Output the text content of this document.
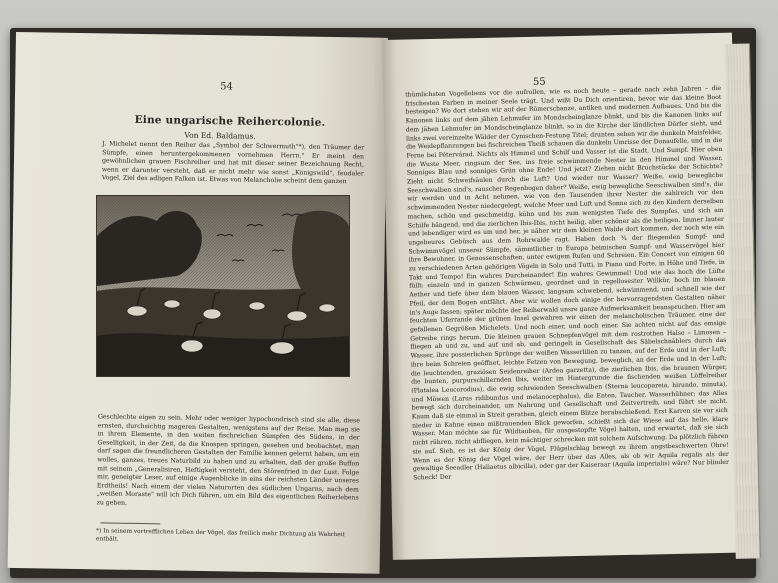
54
Eine ungarische Reihercolonie.
Von Ed. Baldamus.
J. Michelet nennt den Reiher das „Symbol der Schwermuth"*), den Träumer der Sümpfe, einen heruntergekommenen vornehmen Herrn." Er meint den gewöhnlichen grauen Fischreiher und hat mit dieser seiner Bezeichnung Recht, wenn er darunter versteht, daß er nicht mehr wie sonst „Königswild", feudaler Vogel, Ziel des adligen Falken ist. Etwas von Melancholie scheint dem ganzen
Geschlechte eigen zu sein. Mehr oder weniger hypochondrisch sind sie alle, diese ernsten, durchsichtig mageren Gestalten, wenigstens auf der Reise. Man mag sie in ihrem Elemente, in den weiten fischreichen Sümpfen des Südens, in der Geselligkeit, in der Zeit, da die Knospen springen, gesehen und beobachtet, man darf sagen die freundlicheren Gestalten der Familie kennen gelernt haben, um ein wolles, ganzes, treues Naturbild zu haben und zu erhalten, daß der große Buffon mit seinem „Generalisiren, Heftigkeit versteht, den Störenfried in der Lust. Folge mir, geneigter Leser, auf einige Augenblicke in eins der reichsten Länder unseres Erdtheils! Nach einem der vielen Naturorten des südlichen Ungarns, nach dem „weißen Moraste" will ich Dich führen, um ein Bild des eigentlichen Reiherlebens zu geben.
*) In seinem vortrefflichen Leben der Vögel, das freilich mehr Dichtung als Wahrheit enthält.
55
thümlichsten Vogellebens vor die aufrollen, wie es noch heute – gerade nach zehn Jahren – die frischesten Farben in meiner Seele trägt. Und wißt Du Dich orientiren, bevor wir das kleine Boot besteigen? Wo dort stehen wir auf der Römerschanze, antiken und modernen Aufbaues. Und bis die Kanonen links auf dem jähen Lehmufer im Mondscheinglanze blinkt, und bis die Kanonen links auf dem jähen Lehmufer im Mondscheinglanze blinkt, so in die Kirche der ländlichen Dörfer sieht, und links zwei vereinzelte Wälder der Cynischen-Festung Titel; drunten sehen wir die dunkeln Maisfelder, die Weidepflanzungen bei fischreichen Theiß schauen die dunkeln Umrisse der Donaufelle, und in die Ferne bei Pétervárad. Nichts als Himmel und Schilf und Vasser ist die Stadt, Und Sumpf. Hier oben die Wuste Meer, ringsum der See, ins freie schwimmende Nester in den Himmel und Wasser. Sonniges Blau und sonniges Grün ohne Ende! Und jetzt? Ziehen nicht Bruchstücke der Schichte? Zieht nicht Schweifsäulen durch die Luft? Und wieder nur Wasser? Weiße, ewig bewegliche Seeschwalben sind's, rauscher Regenbogen daher? Weiße, ewig bewegliche Seeschwalben sind's, die wir werden und in Acht nehmen, wie von den Tausenden ihrer Nester die zahlreich vor den schwimmenden Nester niedergelegt, welche Meer und Luft und Sonne sich zu den Kindern derselben machen, schön und geschmeidig, kühn und bis zum wenigsten Tiefe des Sumpfes, und sich am Schilfe hängend, und die zierlichen Ibis-Ibis, nicht heilig, aber schöner als die heiligen. Immer lauter und lebendiger wird es um und her, je näher wir dem kleinen Walde dort kommen, der noch wie ein ungeheures Gebüsch aus dem Rohrwalde ragt. Haben doch ¾ der fliegenden Sumpf- und Schwimmvögel unserer Sümpfe, sämmtlicher in Europa heimischen Sumpf- und Wasservögel hier ihre Bewohner, in Genossenschaften, unter ewigem Rufen und Schreien. Ein Concert von einigen 60 zu verschiedenen Arten gehörigen Vögeln in Solo und Tutti, in Piano und Forte, in Höhe und Tiefe, in Takt und Tempo! Ein wahres Durcheinander! Ein wahres Gewimmel! Und wie das hoch die Lüfte füllt: einzeln und in ganzen Schwärmen, geordnet und in regellosester Willkür, hoch im blauen Aether und tiefe über dem blauen Wasser, langsam schwebend, schwimmend, und schnell wie der Pfeil, der dem Bogen entfährt. Aber wir wollen doch einige der hervorragendsten Gestalten näher in's Auge fassen; später möchte der Reiherwald unsre ganze Aufmerksamkeit beanspruchen. Hier am feuchten Uferrande der grünen Insel gewahren wir einen der melancholischen Träumer, eine der gefallenen Gegrößen Michelets. Und noch einer, und noch einer. Sie achten nicht auf das emsige Getreibe rings herum. Die kleinen grauen Schnepfenvögel mit dem rostrothen Halse – Limosen – fliegen ab und zu, und auf und ab, und geringelt in Gesellschaft des Säbelschnäblers durch das Wasser, ihre possierlichen Sprünge der weißen Wasserlilien zu tanzen, auf der Erde und in der Luft; ihre beim Schreien geöffnet, leichte Fetzen von Bewegung, beweglich, an der Erde und in der Luft; die leuchtenden, graziösen Seidenreiher (Ardea garzetta), die zierlichen Ibis, die braunen Würger, die bunten, purpurschillernden Ibis, weiter im Hintergrunde die fischenden weißen Löffelreiher (Platalea Leucorodius), die ewig schreienden Seeschwalben (Sterna leucopareia, hirundo, minuta), und Möwen (Larus ridibundus und melanocephalus), die Enten, Taucher, Wasserhühner; das Alles bewegt sich durcheinander, um Nahrung und Gesellschaft und Zeitvertreib, und führt sie nicht. Kaum daß sie einmal in Streit gerathen, gleich einem Blitze herabschießend. Erst Karren sie vor sich nieder in Kahne einen mißtrauenden Blick geworfen, schießt sich der Wiese auf das helle, klare Wasser. Man möchte sie für Wildtauben, für ausgestopfte Vögel halten, und erwartet, daß sie sich nicht rühren, nicht abfliegen, kein mächtiger schrecken mit solchem Aufschwung. Da plötzlich führen sie auf. Sieh, es ist der König der Vögel, Flügelschlag bewegt zu ihrem angstbeschwerten Ohre! Wenn es der König der Vögel wäre, der Herr über das Alles, als ob wir Aquila regalis als der gewaltige Seeadler (Haliaetus albicilla), oder gar der Kaiseraar (Aquila imperialis) wäre? Nur blinder Scheck! Der
